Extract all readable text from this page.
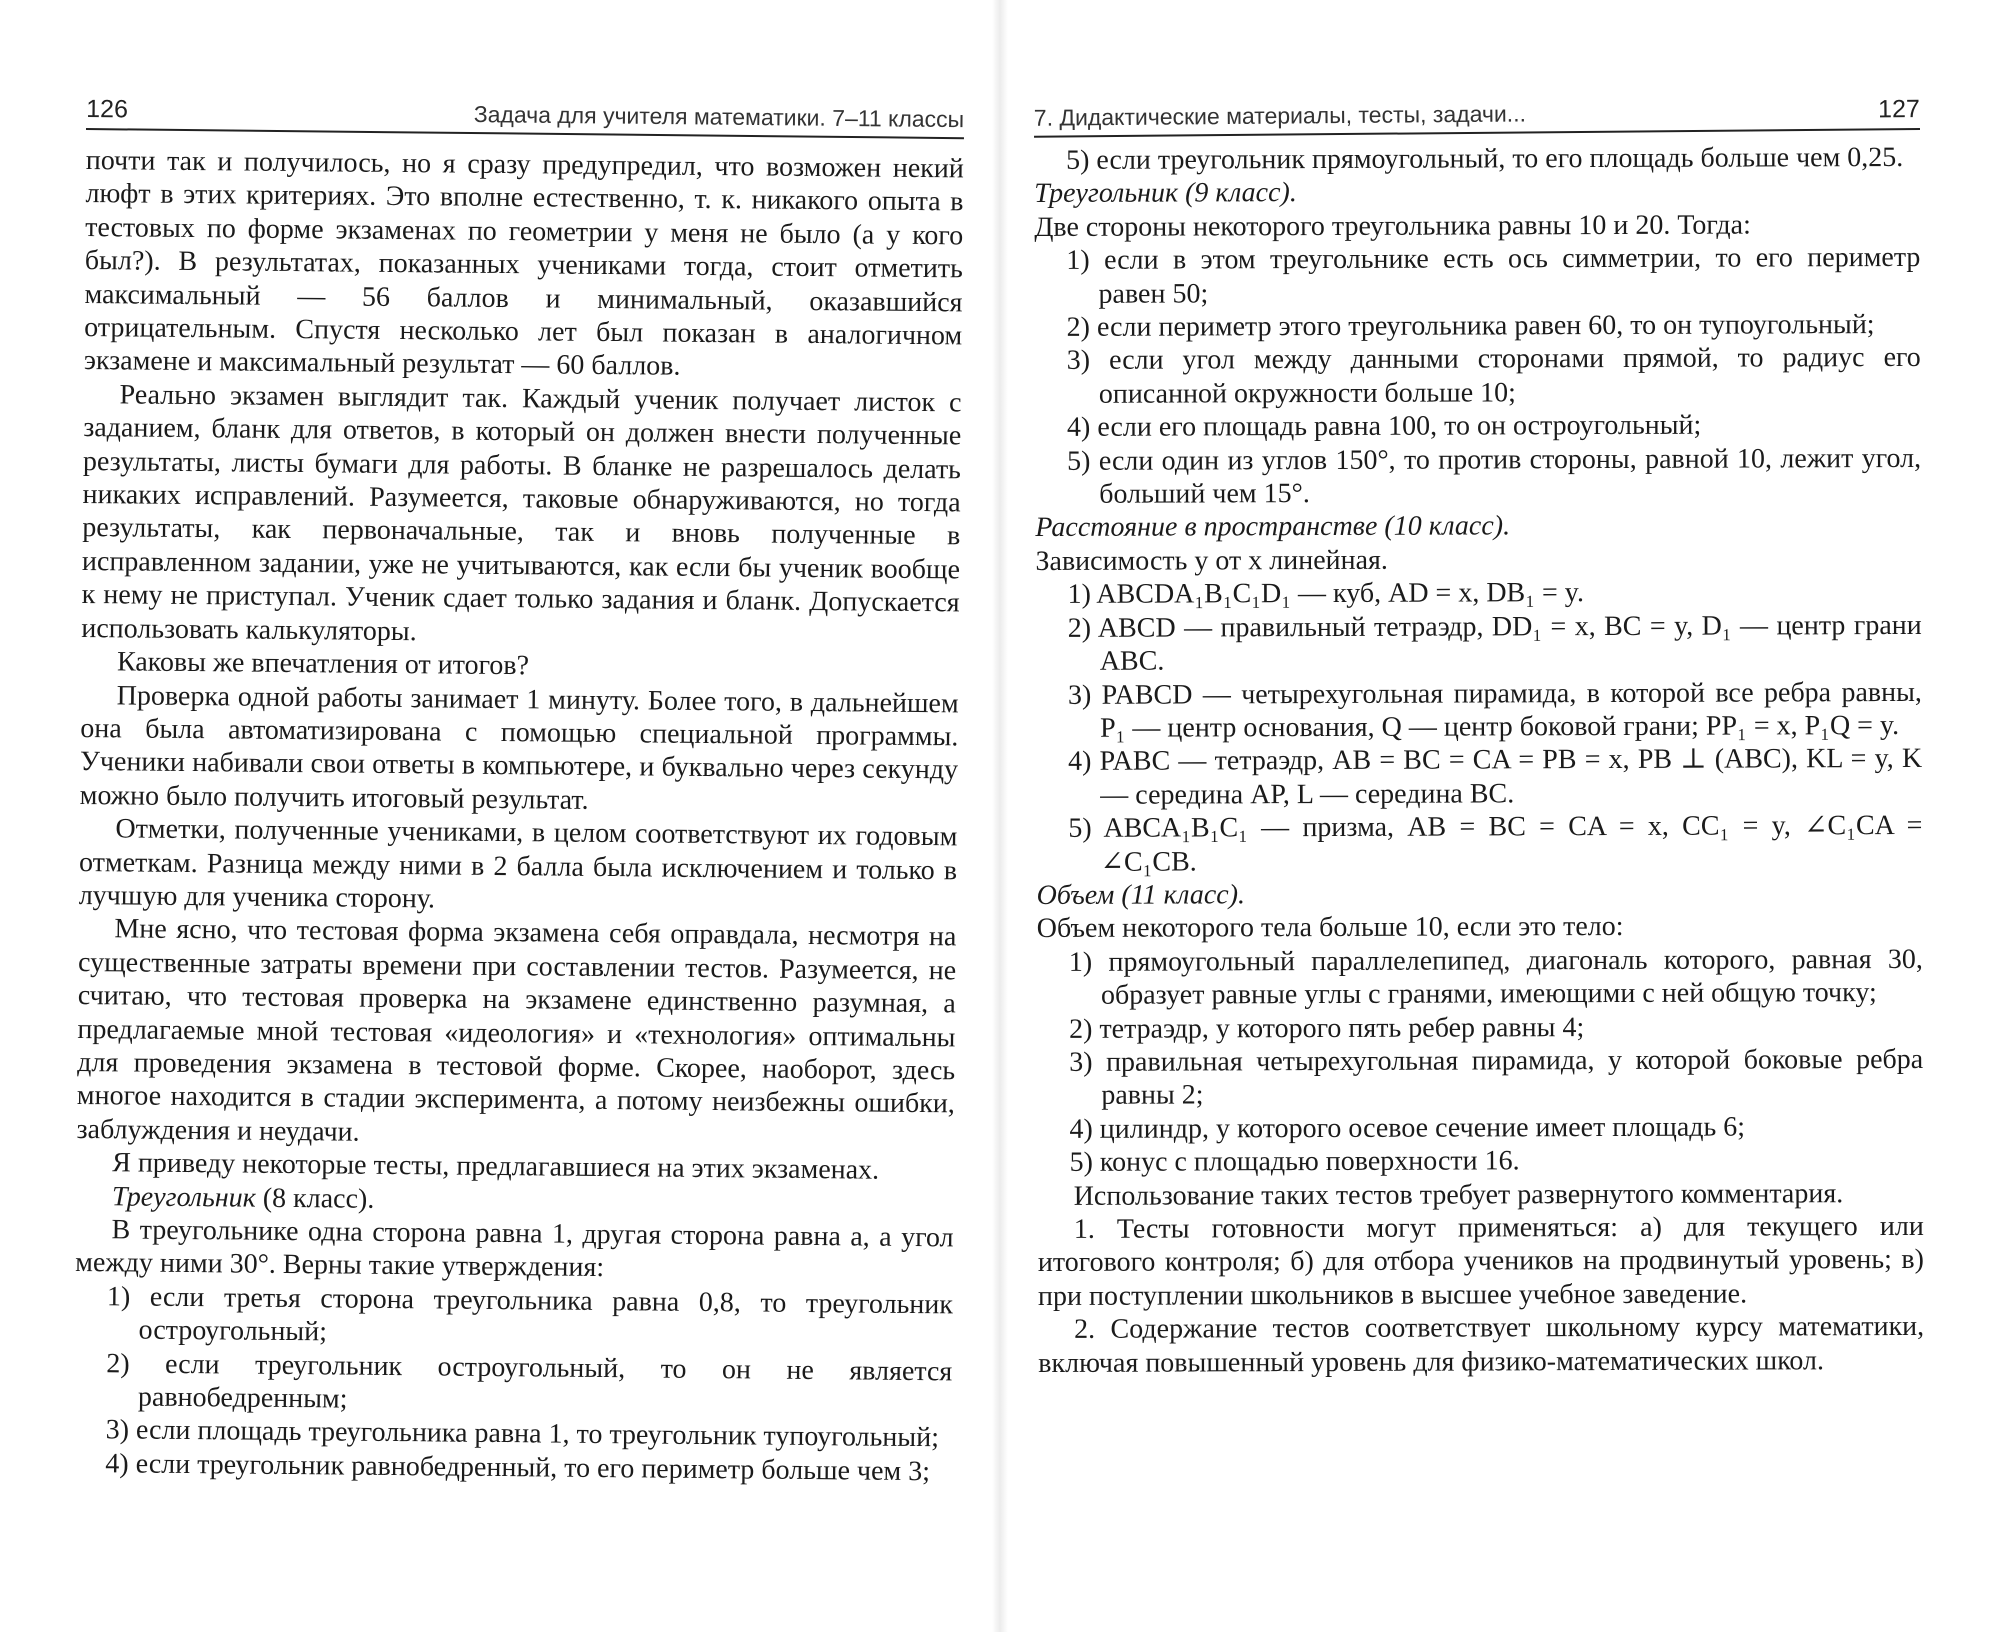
126	Задача для учителя математики. 7–11 классы

почти так и получилось, но я сразу предупредил, что возможен некий люфт в этих критериях. Это вполне естественно, т. к. никакого опыта в тестовых по форме экзаменах по геометрии у меня не было (а у кого был?). В результатах, показанных учениками тогда, стоит отметить максимальный — 56 баллов и минимальный, оказавшийся отрицательным. Спустя несколько лет был показан в аналогичном экзамене и максимальный результат — 60 баллов.

Реально экзамен выглядит так. Каждый ученик получает листок с заданием, бланк для ответов, в который он должен внести полученные результаты, листы бумаги для работы. В бланке не разрешалось делать никаких исправлений. Разумеется, таковые обнаруживаются, но тогда результаты, как первоначальные, так и вновь полученные в исправленном задании, уже не учитываются, как если бы ученик вообще к нему не приступал. Ученик сдает только задания и бланк. Допускается использовать калькуляторы.

Каковы же впечатления от итогов?

Проверка одной работы занимает 1 минуту. Более того, в дальнейшем она была автоматизирована с помощью специальной программы. Ученики набивали свои ответы в компьютере, и буквально через секунду можно было получить итоговый результат.

Отметки, полученные учениками, в целом соответствуют их годовым отметкам. Разница между ними в 2 балла была исключением и только в лучшую для ученика сторону.

Мне ясно, что тестовая форма экзамена себя оправдала, несмотря на существенные затраты времени при составлении тестов. Разумеется, не считаю, что тестовая проверка на экзамене единственно разумная, а предлагаемые мной тестовая «идеология» и «технология» оптимальны для проведения экзамена в тестовой форме. Скорее, наоборот, здесь многое находится в стадии эксперимента, а потому неизбежны ошибки, заблуждения и неудачи.

Я приведу некоторые тесты, предлагавшиеся на этих экзаменах.

Треугольник (8 класс).

В треугольнике одна сторона равна 1, другая сторона равна a, а угол между ними 30°. Верны такие утверждения:

1) если третья сторона треугольника равна 0,8, то треугольник остроугольный;

2) если треугольник остроугольный, то он не является равнобедренным;

3) если площадь треугольника равна 1, то треугольник тупоугольный;

4) если треугольник равнобедренный, то его периметр больше чем 3;

7. Дидактические материалы, тесты, задачи...	127

5) если треугольник прямоугольный, то его площадь больше чем 0,25.

Треугольник (9 класс).

Две стороны некоторого треугольника равны 10 и 20. Тогда:

1) если в этом треугольнике есть ось симметрии, то его периметр равен 50;

2) если периметр этого треугольника равен 60, то он тупоугольный;

3) если угол между данными сторонами прямой, то радиус его описанной окружности больше 10;

4) если его площадь равна 100, то он остроугольный;

5) если один из углов 150°, то против стороны, равной 10, лежит угол, больший чем 15°.

Расстояние в пространстве (10 класс).

Зависимость y от x линейная.

1) ABCDA₁B₁C₁D₁ — куб, AD = x, DB₁ = y.

2) ABCD — правильный тетраэдр, DD₁ = x, BC = y, D₁ — центр грани ABC.

3) PABCD — четырехугольная пирамида, в которой все ребра равны, P₁ — центр основания, Q — центр боковой грани; PP₁ = x, P₁Q = y.

4) PABC — тетраэдр, AB = BC = CA = PB = x, PB ⊥ (ABC), KL = y, K — середина AP, L — середина BC.

5) ABCA₁B₁C₁ — призма, AB = BC = CA = x, CC₁ = y, ∠C₁CA = ∠C₁CB.

Объем (11 класс).

Объем некоторого тела больше 10, если это тело:

1) прямоугольный параллелепипед, диагональ которого, равная 30, образует равные углы с гранями, имеющими с ней общую точку;

2) тетраэдр, у которого пять ребер равны 4;

3) правильная четырехугольная пирамида, у которой боковые ребра равны 2;

4) цилиндр, у которого осевое сечение имеет площадь 6;

5) конус с площадью поверхности 16.

Использование таких тестов требует развернутого комментария.

1. Тесты готовности могут применяться: а) для текущего или итогового контроля; б) для отбора учеников на продвинутый уровень; в) при поступлении школьников в высшее учебное заведение.

2. Содержание тестов соответствует школьному курсу математики, включая повышенный уровень для физико-математических школ.
